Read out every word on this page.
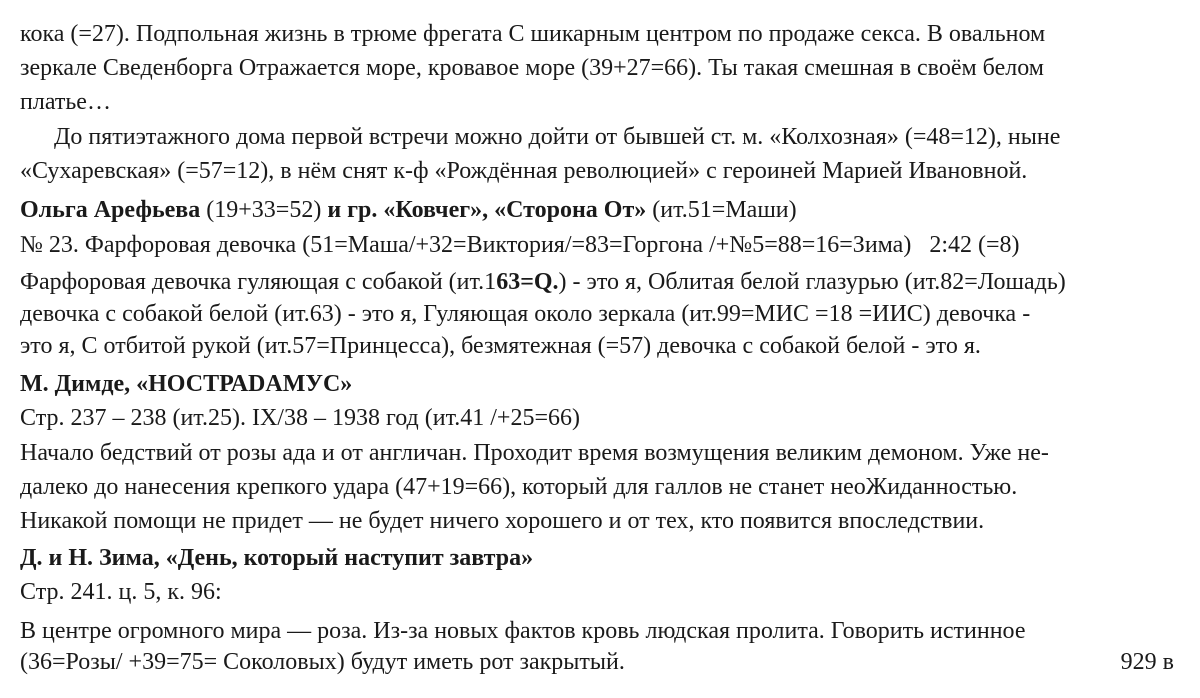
кока (=27). Подпольная жизнь в трюме фрегата С шикарным центром по продаже секса. В овальном
зеркале Сведенборга Отражается море, кровавое море (39+27=66). Ты такая смешная в своём белом
платье…
До пятиэтажного дома первой встречи можно дойти от бывшей ст. м. «Колхозная» (=48=12), ныне
«Сухаревская» (=57=12), в нём снят к-ф «Рождённая революцией» с героиней Марией Ивановной.
Ольга Арефьева (19+33=52) и гр. «Ковчег», «Сторона От» (ит.51=Маши)
№ 23. Фарфоровая девочка (51=Маша/+32=Виктория/=83=Горгона /+№5=88=16=Зима)   2:42 (=8)
Фарфоровая девочка гуляющая с собакой (ит.163=Q.) - это я, Облитая белой глазурью (ит.82=Лошадь)
девочка с собакой белой (ит.63) - это я, Гуляющая около зеркала (ит.99=МИС =18 =ИИС) девочка -
это я, С отбитой рукой (ит.57=Принцесса), безмятежная (=57) девочка с собакой белой - это я.
М. Димде, «НОСТРАDAMУС»
Стр. 237 – 238 (ит.25). IX/38 – 1938 год (ит.41 /+25=66)
Начало бедствий от розы ада и от англичан. Проходит время возмущения великим демоном. Уже не-
далеко до нанесения крепкого удара (47+19=66), который для галлов не станет неоЖиданностью.
Никакой помощи не придет — не будет ничего хорошего и от тех, кто появится впоследствии.
Д. и Н. Зима, «День, который наступит завтра»
Стр. 241. ц. 5, к. 96:
В центре огромного мира — роза. Из-за новых фактов кровь людская пролита. Говорить истинное
(36=Розы/ +39=75= Соколовых) будут иметь рот закрытый.	929 в
